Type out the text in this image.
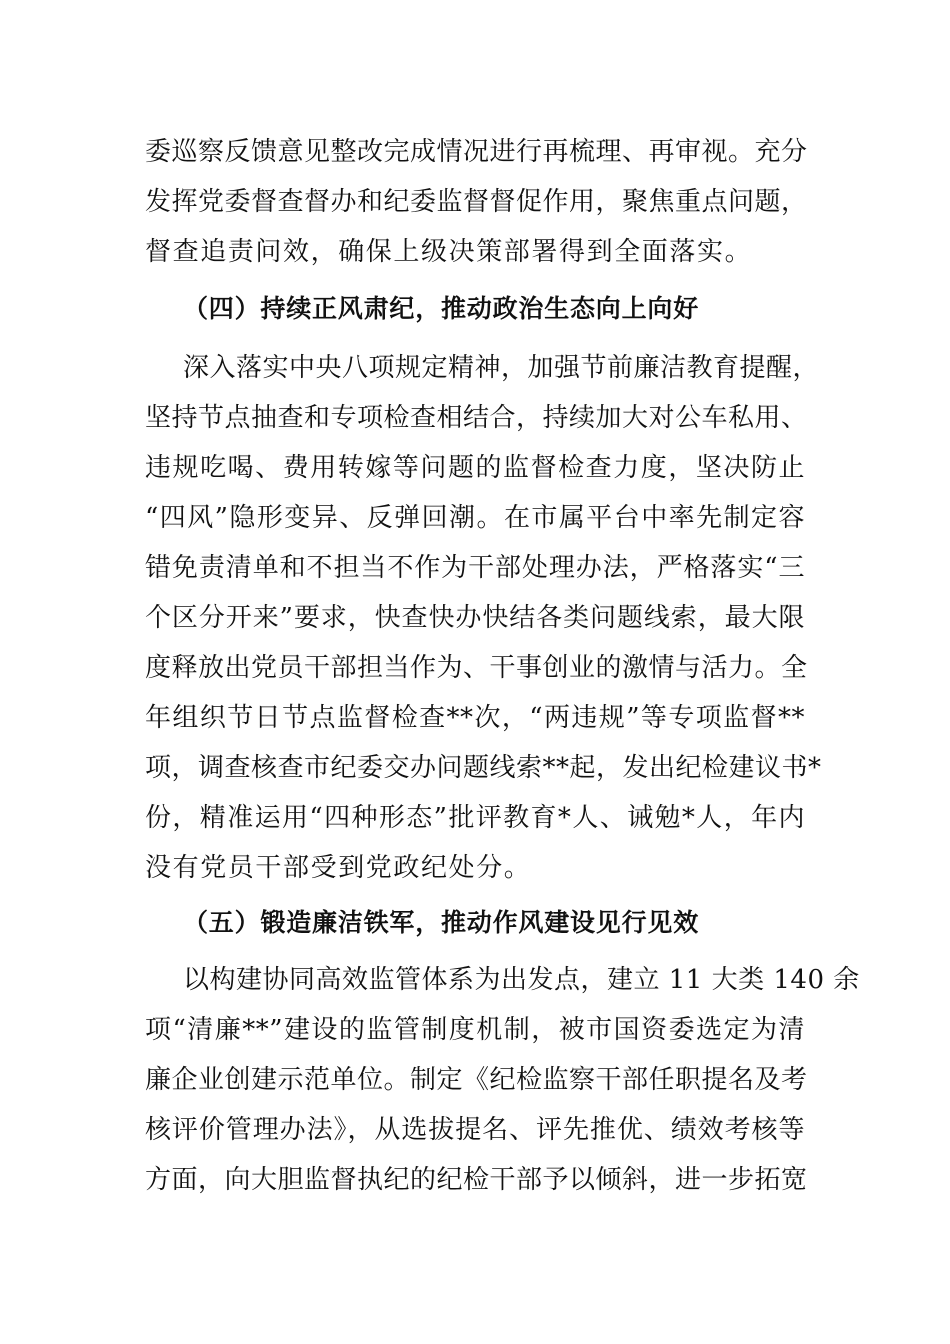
委巡察反馈意见整改完成情况进行再梳理、再审视。充分
发挥党委督查督办和纪委监督督促作用，聚焦重点问题，
督查追责问效，确保上级决策部署得到全面落实。
（四）持续正风肃纪，推动政治生态向上向好
深入落实中央八项规定精神，加强节前廉洁教育提醒，
坚持节点抽查和专项检查相结合，持续加大对公车私用、
违规吃喝、费用转嫁等问题的监督检查力度，坚决防止
“四风”隐形变异、反弹回潮。在市属平台中率先制定容
错免责清单和不担当不作为干部处理办法，严格落实“三
个区分开来”要求，快查快办快结各类问题线索，最大限
度释放出党员干部担当作为、干事创业的激情与活力。全
年组织节日节点监督检查**次，“两违规”等专项监督**
项，调查核查市纪委交办问题线索**起，发出纪检建议书*
份，精准运用“四种形态”批评教育*人、诫勉*人，年内
没有党员干部受到党政纪处分。
（五）锻造廉洁铁军，推动作风建设见行见效
以构建协同高效监管体系为出发点，建立 11 大类 140 余
项“清廉**”建设的监管制度机制，被市国资委选定为清
廉企业创建示范单位。制定《纪检监察干部任职提名及考
核评价管理办法》，从选拔提名、评先推优、绩效考核等
方面，向大胆监督执纪的纪检干部予以倾斜，进一步拓宽
